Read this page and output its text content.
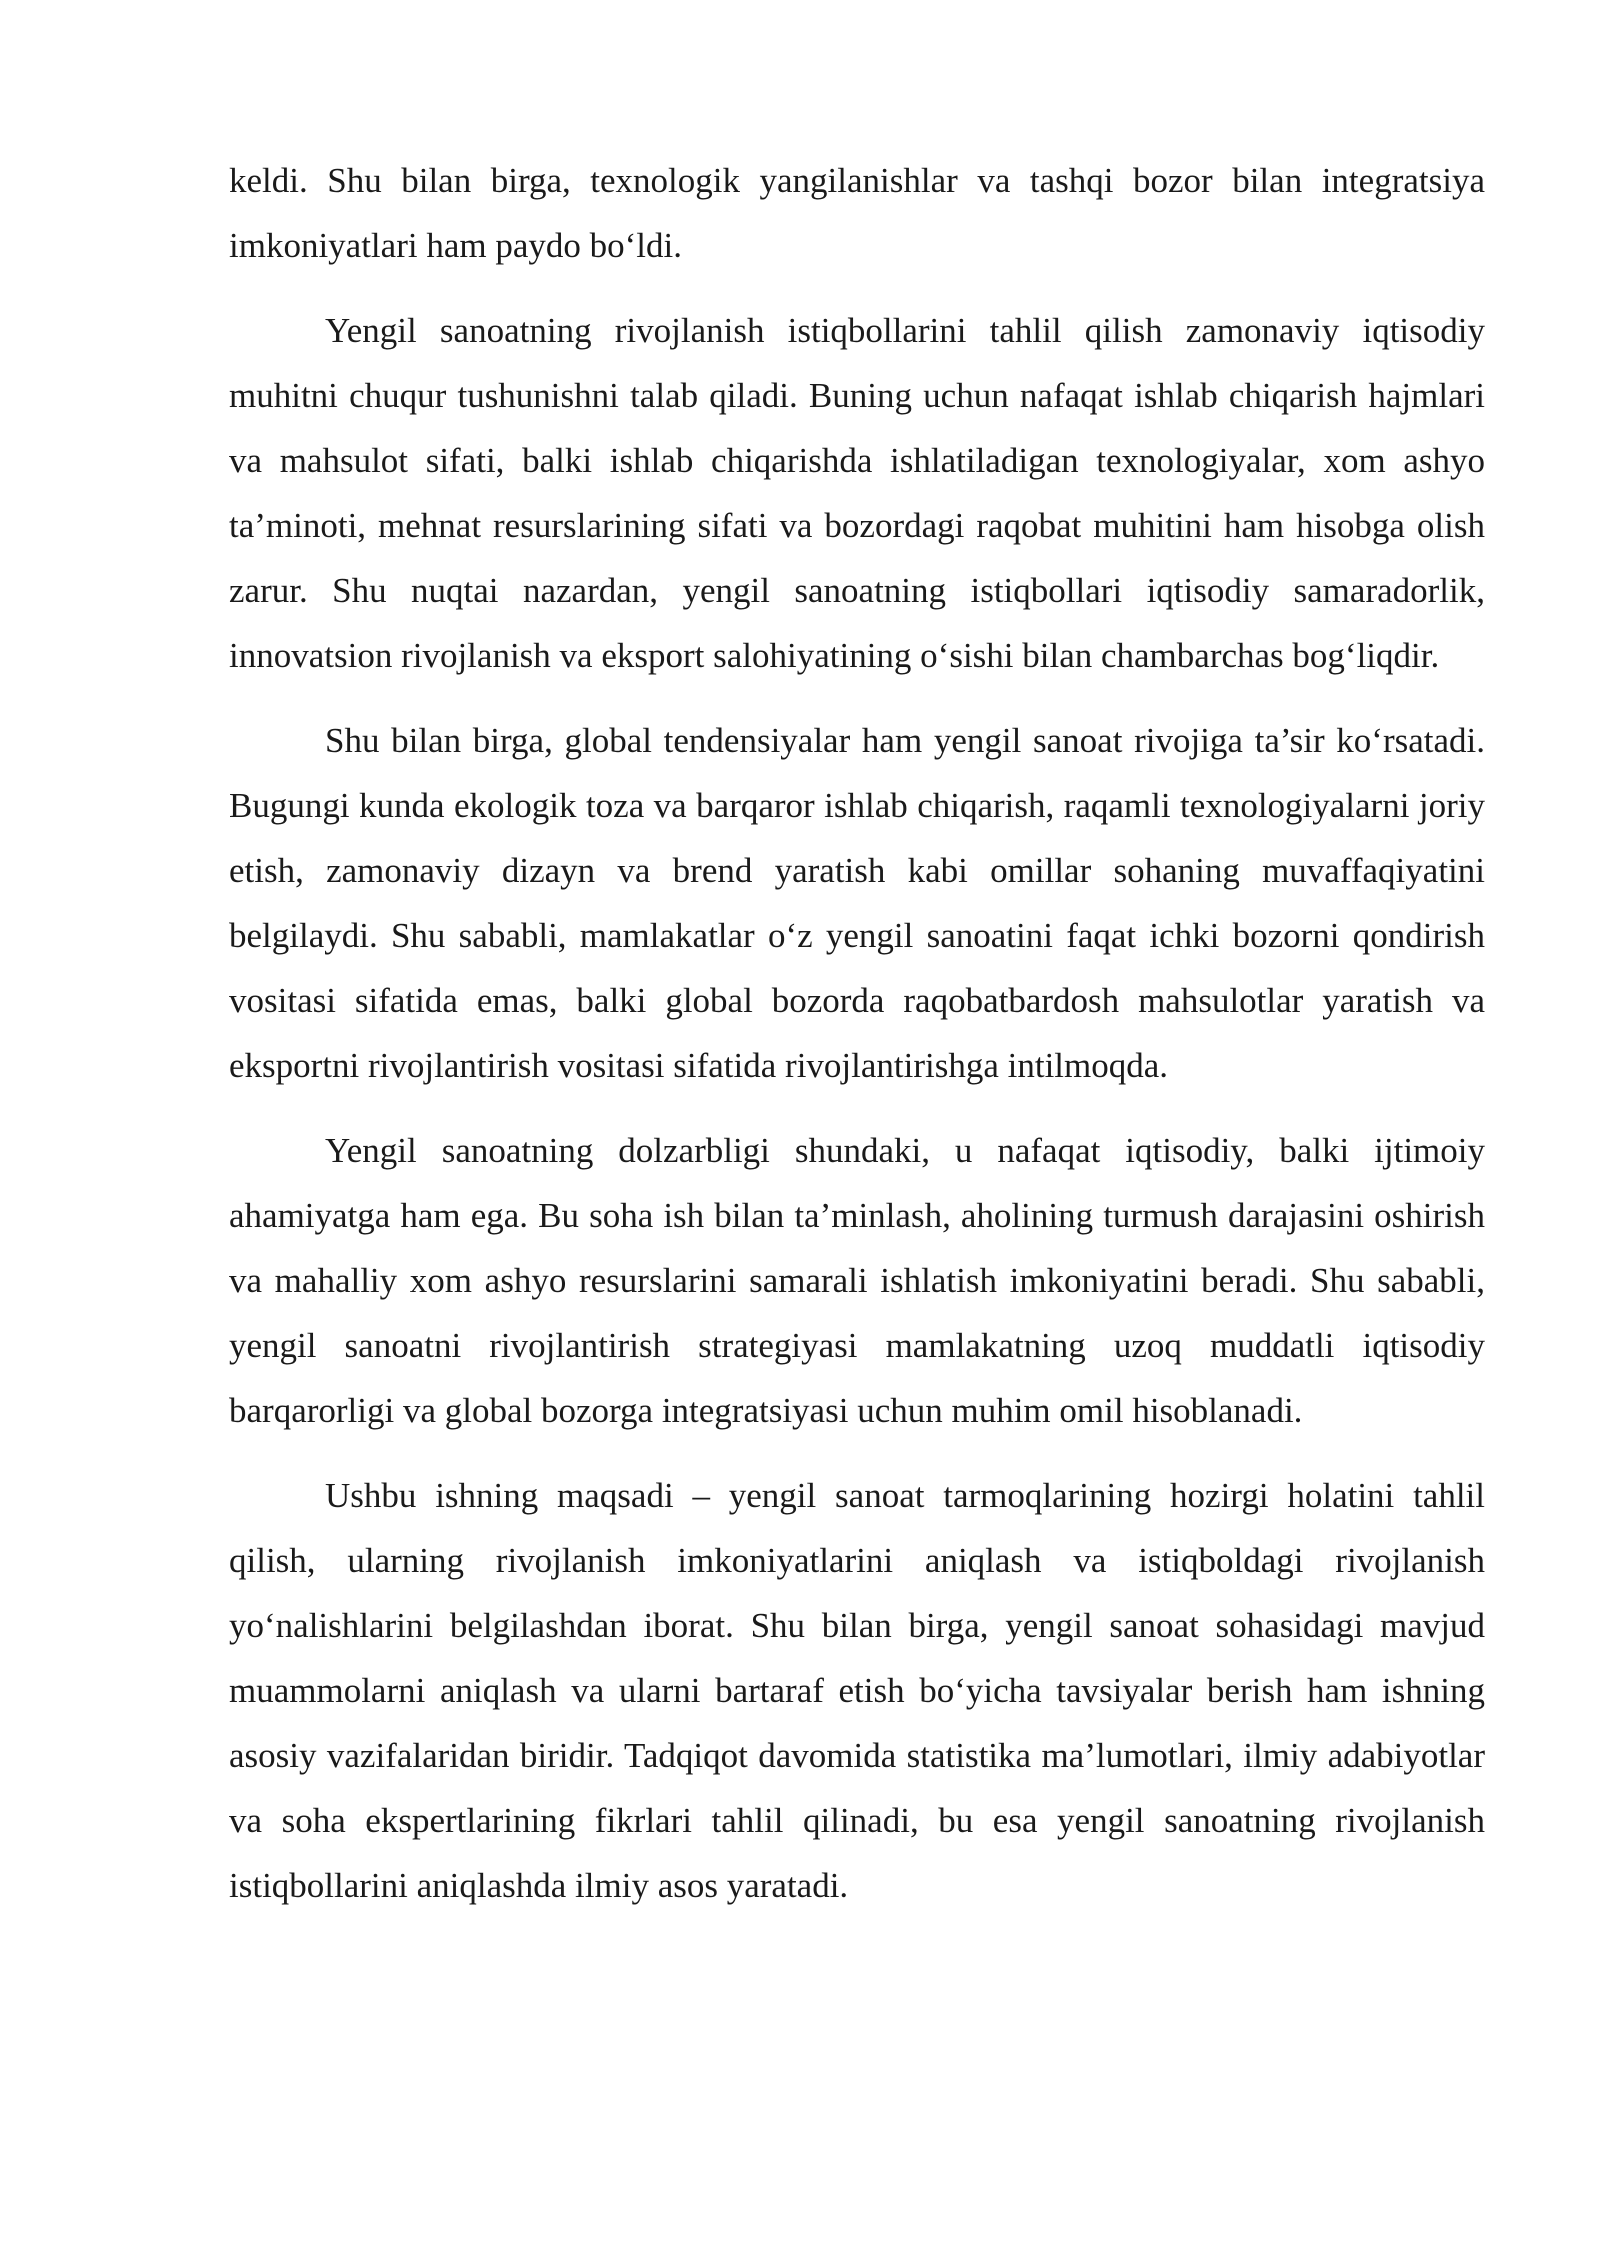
keldi. Shu bilan birga, texnologik yangilanishlar va tashqi bozor bilan integratsiya imkoniyatlari ham paydo bo‘ldi.

Yengil sanoatning rivojlanish istiqbollarini tahlil qilish zamonaviy iqtisodiy muhitni chuqur tushunishni talab qiladi. Buning uchun nafaqat ishlab chiqarish hajmlari va mahsulot sifati, balki ishlab chiqarishda ishlatiladigan texnologiyalar, xom ashyo ta’minoti, mehnat resurslarining sifati va bozordagi raqobat muhitini ham hisobga olish zarur. Shu nuqtai nazardan, yengil sanoatning istiqbollari iqtisodiy samaradorlik, innovatsion rivojlanish va eksport salohiyatining o‘sishi bilan chambarchas bog‘liqdir.

Shu bilan birga, global tendensiyalar ham yengil sanoat rivojiga ta’sir ko‘rsatadi. Bugungi kunda ekologik toza va barqaror ishlab chiqarish, raqamli texnologiyalarni joriy etish, zamonaviy dizayn va brend yaratish kabi omillar sohaning muvaffaqiyatini belgilaydi. Shu sababli, mamlakatlar o‘z yengil sanoatini faqat ichki bozorni qondirish vositasi sifatida emas, balki global bozorda raqobatbardosh mahsulotlar yaratish va eksportni rivojlantirish vositasi sifatida rivojlantirishga intilmoqda.

Yengil sanoatning dolzarbligi shundaki, u nafaqat iqtisodiy, balki ijtimoiy ahamiyatga ham ega. Bu soha ish bilan ta’minlash, aholining turmush darajasini oshirish va mahalliy xom ashyo resurslarini samarali ishlatish imkoniyatini beradi. Shu sababli, yengil sanoatni rivojlantirish strategiyasi mamlakatning uzoq muddatli iqtisodiy barqarorligi va global bozorga integratsiyasi uchun muhim omil hisoblanadi.

Ushbu ishning maqsadi – yengil sanoat tarmoqlarining hozirgi holatini tahlil qilish, ularning rivojlanish imkoniyatlarini aniqlash va istiqboldagi rivojlanish yo‘nalishlarini belgilashdan iborat. Shu bilan birga, yengil sanoat sohasidagi mavjud muammolarni aniqlash va ularni bartaraf etish bo‘yicha tavsiyalar berish ham ishning asosiy vazifalaridan biridir. Tadqiqot davomida statistika ma’lumotlari, ilmiy adabiyotlar va soha ekspertlarining fikrlari tahlil qilinadi, bu esa yengil sanoatning rivojlanish istiqbollarini aniqlashda ilmiy asos yaratadi.
